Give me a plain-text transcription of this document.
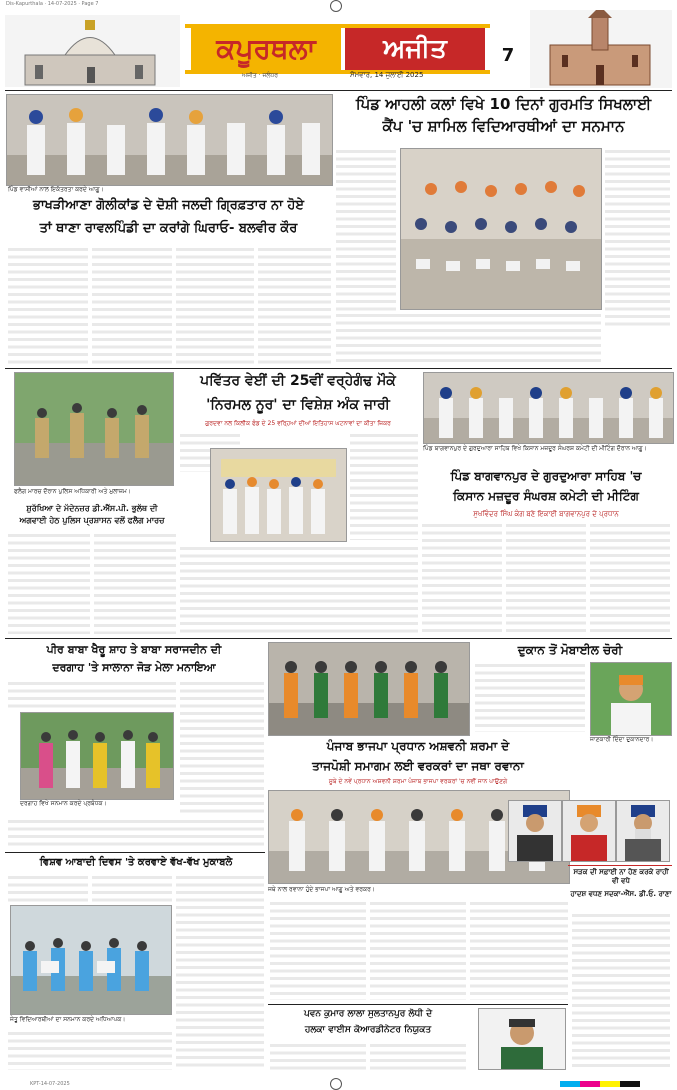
Dis-Kapurthala · 14-07-2025 · Page 7
KPT-14-07-2025
ਕਪੂਰਥਲਾ	ਅਜੀਤ
ਅਜੀਤ · ਜਲੰਧਰ	ਸੋਮਵਾਰ, 14 ਜੁਲਾਈ 2025
7
ਪਿੰਡ ਆਹਲੀ ਕਲਾਂ ਵਿਖੇ 10 ਦਿਨਾਂ ਗੁਰਮਤਿ ਸਿਖਲਾਈ
ਕੈਂਪ 'ਚ ਸ਼ਾਮਿਲ ਵਿਦਿਆਰਥੀਆਂ ਦਾ ਸਨਮਾਨ
ਪਿੰਡ ਵਾਸੀਆਂ ਨਾਲ ਇਕੱਤਰਤਾ ਕਰਦੇ ਆਗੂ।
ਭਾਖੜੀਆਣਾ ਗੋਲੀਕਾਂਡ ਦੇ ਦੋਸ਼ੀ ਜਲਦੀ ਗ੍ਰਿਫ਼ਤਾਰ ਨਾ ਹੋਏ
ਤਾਂ ਥਾਣਾ ਰਾਵਲਪਿੰਡੀ ਦਾ ਕਰਾਂਗੇ ਘਿਰਾਓ- ਬਲਵੀਰ ਕੌਰ
ਫਲੈਗ ਮਾਰਚ ਦੌਰਾਨ ਪੁਲਿਸ ਅਧਿਕਾਰੀ ਅਤੇ ਮੁਲਾਜ਼ਮ।
ਸ਼ੁਰੱਖਿਆ ਦੇ ਮੱਦੇਨਜ਼ਰ ਡੀ.ਐੱਸ.ਪੀ. ਭੁਲੱਥ ਦੀ
ਅਗਵਾਈ ਹੇਠ ਪੁਲਿਸ ਪ੍ਰਸ਼ਾਸਨ ਵਲੋਂ ਫਲੈਗ ਮਾਰਚ
ਪਵਿੱਤਰ ਵੇਈਂ ਦੀ 25ਵੀਂ ਵਰ੍ਹੇਗੰਢ ਮੌਕੇ
'ਨਿਰਮਲ ਨੂਰ' ਦਾ ਵਿਸ਼ੇਸ਼ ਅੰਕ ਜਾਰੀ
ਗੁਰਦਵਾ ਨਲ ਕਿਲੀਕ ਫੰਡ ਦੇ 25 ਵਰ੍ਹਿਆਂ ਦੀਆਂ ਇਤਿਹਾਸ ਘਟਨਾਵਾਂ ਦਾ ਕੀਤਾ ਜ਼ਿਕਰ
ਪਿੰਡ ਬਾਗਵਾਨਪੁਰ ਦੇ ਗੁਰਦੁਆਰਾ ਸਾਹਿਬ ਵਿਖੇ ਕਿਸਾਨ ਮਜ਼ਦੂਰ ਸੰਘਰਸ਼ ਕਮੇਟੀ ਦੀ ਮੀਟਿੰਗ ਦੌਰਾਨ ਆਗੂ।
ਪਿੰਡ ਬਾਗਵਾਨਪੁਰ ਦੇ ਗੁਰਦੁਆਰਾ ਸਾਹਿਬ 'ਚ
ਕਿਸਾਨ ਮਜ਼ਦੂਰ ਸੰਘਰਸ਼ ਕਮੇਟੀ ਦੀ ਮੀਟਿੰਗ
ਸੁਖਵਿੰਦਰ ਸਿੰਘ ਕੰਗ ਬਣੇ ਇਕਾਈ ਬਾਗਵਾਨਪੁਰ ਦੇ ਪ੍ਰਧਾਨ
ਪੀਰ ਬਾਬਾ ਖੈਰੂ ਸ਼ਾਹ ਤੇ ਬਾਬਾ ਸਰਾਜਦੀਨ ਦੀ
ਦਰਗਾਹ 'ਤੇ ਸਾਲਾਨਾ ਜੋੜ ਮੇਲਾ ਮਨਾਇਆ
ਦਰਗਾਹ ਵਿਖੇ ਸਨਮਾਨ ਕਰਦੇ ਪ੍ਰਬੰਧਕ।
ਪੰਜਾਬ ਭਾਜਪਾ ਪ੍ਰਧਾਨ ਅਸ਼ਵਨੀ ਸ਼ਰਮਾ ਦੇ
ਤਾਜਪੋਸ਼ੀ ਸਮਾਗਮ ਲਈ ਵਰਕਰਾਂ ਦਾ ਜਥਾ ਰਵਾਨਾ
ਸੂਬੇ ਦੇ ਨਵੇਂ ਪ੍ਰਧਾਨ ਅਸ਼ਵਨੀ ਸ਼ਰਮਾ ਪੰਜਾਬ ਭਾਜਪਾ ਵਰਕਰਾਂ 'ਚ ਨਵੀਂ ਜਾਨ ਪਾਉਣਗੇ
ਜਥੇ ਨਾਲ ਰਵਾਨਾ ਹੁੰਦੇ ਭਾਜਪਾ ਆਗੂ ਅਤੇ ਵਰਕਰ।
ਦੁਕਾਨ ਤੋਂ ਮੋਬਾਈਲ ਚੋਰੀ
ਜਾਣਕਾਰੀ ਦਿੰਦਾ ਦੁਕਾਨਦਾਰ।
ਵਿਸ਼ਵ ਆਬਾਦੀ ਦਿਵਸ 'ਤੇ ਕਰਵਾਏ ਵੱਖ-ਵੱਖ ਮੁਕਾਬਲੇ
ਜੇਤੂ ਵਿਦਿਆਰਥੀਆਂ ਦਾ ਸਨਮਾਨ ਕਰਦੇ ਅਧਿਆਪਕ।
ਸੜਕ ਦੀ ਸਫ਼ਾਈ ਨਾ ਹੋਣ ਕਰਕੇ ਰਾਹੀਂ ਵੀ ਵਧੇ
ਹਾਦਸ਼ ਵਧਣ ਸਦਕਾ-ਐੱਸ. ਡੀ.ਓ. ਰਾਣਾ
ਪਵਨ ਕੁਮਾਰ ਲਾਲਾ ਸੁਲਤਾਨਪੁਰ ਲੋਧੀ ਦੇ
ਹਲਕਾ ਵਾਈਸ ਕੋਆਰਡੀਨੇਟਰ ਨਿਯੁਕਤ
